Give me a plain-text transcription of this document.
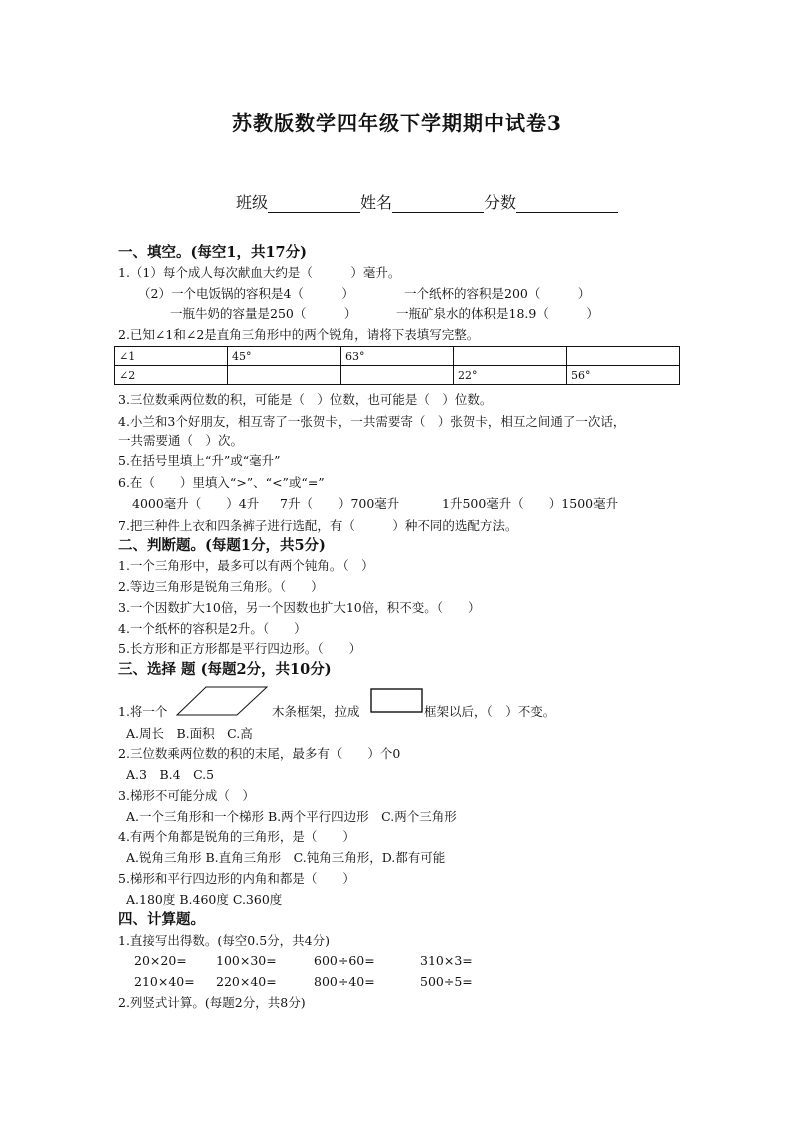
苏教版数学四年级下学期期中试卷3
班级	姓名	分数
一、填空。(每空1，共17分)
1.（1）每个成人每次献血大约是（　　　）毫升。
（2）一个电饭锅的容积是4（　　　）	一个纸杯的容积是200（　　　）
一瓶牛奶的容量是250（　　　）	一瓶矿泉水的体积是18.9（　　　）
2.已知∠1和∠2是直角三角形中的两个锐角，请将下表填写完整。
∠1	45°	63°		
∠2			22°	56°
3.三位数乘两位数的积，可能是（　）位数，也可能是（　）位数。
4.小兰和3个好朋友，相互寄了一张贺卡，一共需要寄（　）张贺卡，相互之间通了一次话，
一共需要通（　）次。
5.在括号里填上“升”或“毫升”
6.在（　　）里填入“>”、“<”或“=”
4000毫升（　　）4升 7升（　　）700毫升	1升500毫升（　　）1500毫升
7.把三种件上衣和四条裤子进行选配，有（　　　）种不同的选配方法。
二、判断题。(每题1分，共5分)
1.一个三角形中，最多可以有两个钝角。（　）
2.等边三角形是锐角三角形。（　　）
3.一个因数扩大10倍，另一个因数也扩大10倍，积不变。（　　）
4.一个纸杯的容积是2升。（　　）
5.长方形和正方形都是平行四边形。（　　）
三、选择 题 (每题2分，共10分)
1.将一个	木条框架，拉成	框架以后，（　）不变。
A.周长　B.面积　C.高
2.三位数乘两位数的积的末尾，最多有（　　）个0
A.3　B.4　C.5
3.梯形不可能分成（　）
A.一个三角形和一个梯形 B.两个平行四边形　C.两个三角形
4.有两个角都是锐角的三角形，是（　　）
A.锐角三角形 B.直角三角形　C.钝角三角形，D.都有可能
5.梯形和平行四边形的内角和都是（　　）
A.180度 B.460度 C.360度
四、计算题。
1.直接写出得数。(每空0.5分，共4分)
20×20= 100×30=	600÷60=	310×3=
210×40= 220×40=	800÷40=	500÷5=
2.列竖式计算。(每题2分，共8分)
